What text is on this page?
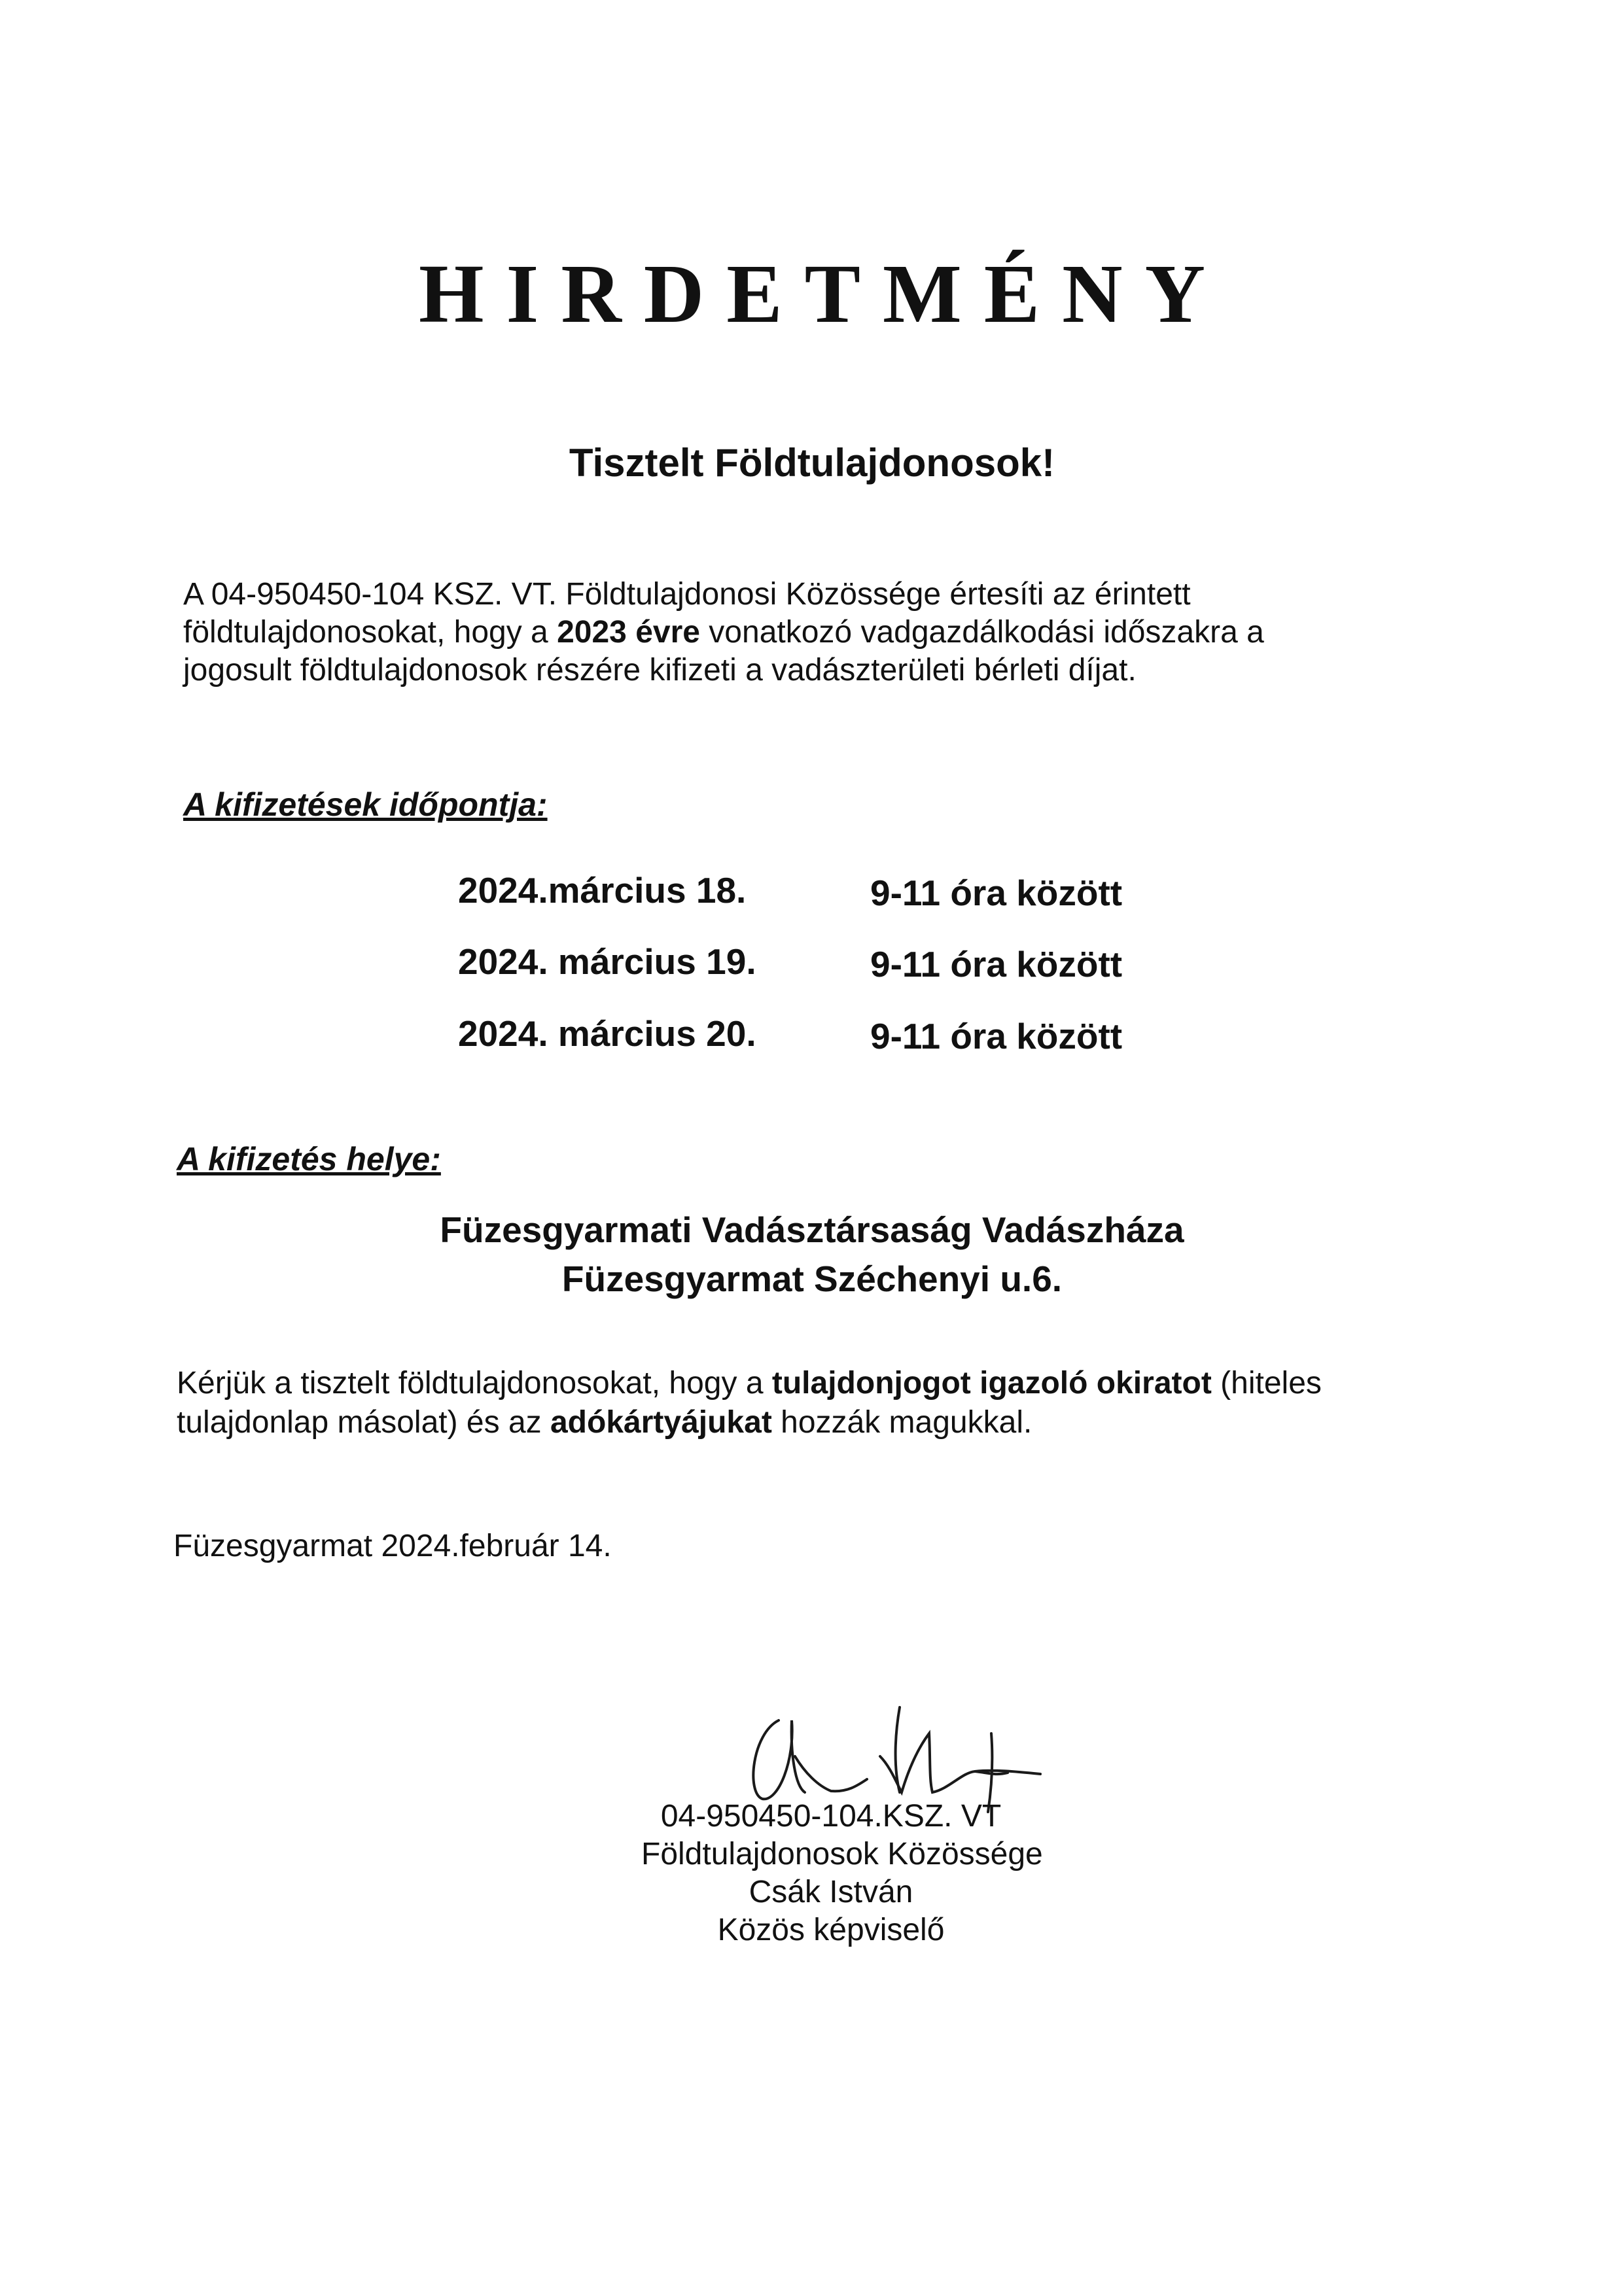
HIRDETMÉNY
Tisztelt Földtulajdonosok!
A 04-950450-104 KSZ. VT. Földtulajdonosi Közössége értesíti az érintett földtulajdonosokat, hogy a 2023 évre vonatkozó vadgazdálkodási időszakra a jogosult földtulajdonosok részére kifizeti a vadászterületi bérleti díjat.
A kifizetések időpontja:
2024.március 18.	9-11 óra között
2024. március 19.	9-11 óra között
2024. március 20.	9-11 óra között
A kifizetés helye:
Füzesgyarmati Vadásztársaság Vadászháza
Füzesgyarmat Széchenyi u.6.
Kérjük a tisztelt földtulajdonosokat, hogy a tulajdonjogot igazoló okiratot (hiteles tulajdonlap másolat) és az adókártyájukat hozzák magukkal.
Füzesgyarmat 2024.február 14.
04-950450-104.KSZ. VT
Földtulajdonosok Közössége
Csák István
Közös képviselő
